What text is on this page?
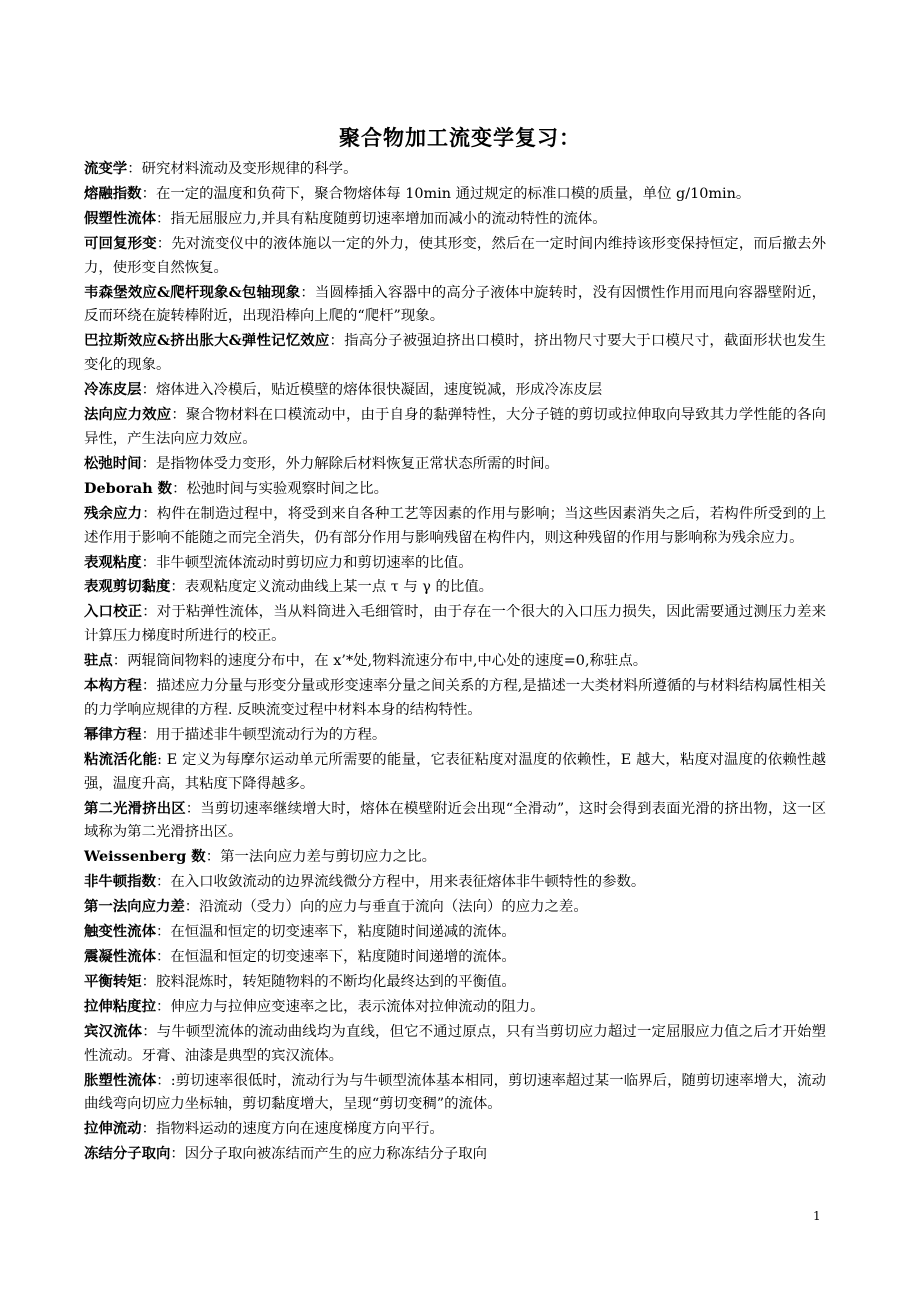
聚合物加工流变学复习：

流变学：研究材料流动及变形规律的科学。

熔融指数：在一定的温度和负荷下，聚合物熔体每 10min 通过规定的标准口模的质量，单位 g/10min。

假塑性流体：指无屈服应力,并具有粘度随剪切速率增加而减小的流动特性的流体。

可回复形变：先对流变仪中的液体施以一定的外力，使其形变，然后在一定时间内维持该形变保持恒定，而后撤去外力，使形变自然恢复。

韦森堡效应&爬杆现象&包轴现象：当圆棒插入容器中的高分子液体中旋转时，没有因惯性作用而甩向容器壁附近，反而环绕在旋转棒附近，出现沿棒向上爬的“爬杆”现象。

巴拉斯效应&挤出胀大&弹性记忆效应：指高分子被强迫挤出口模时，挤出物尺寸要大于口模尺寸，截面形状也发生变化的现象。

冷冻皮层：熔体进入冷模后，贴近模壁的熔体很快凝固，速度锐减，形成冷冻皮层

法向应力效应：聚合物材料在口模流动中，由于自身的黏弹特性，大分子链的剪切或拉伸取向导致其力学性能的各向异性，产生法向应力效应。

松弛时间：是指物体受力变形，外力解除后材料恢复正常状态所需的时间。

Deborah 数：松弛时间与实验观察时间之比。

残余应力：构件在制造过程中，将受到来自各种工艺等因素的作用与影响；当这些因素消失之后，若构件所受到的上述作用于影响不能随之而完全消失，仍有部分作用与影响残留在构件内，则这种残留的作用与影响称为残余应力。

表观粘度：非牛顿型流体流动时剪切应力和剪切速率的比值。

表观剪切黏度：表观粘度定义流动曲线上某一点 τ 与 γ 的比值。

入口校正：对于粘弹性流体，当从料筒进入毛细管时，由于存在一个很大的入口压力损失，因此需要通过测压力差来计算压力梯度时所进行的校正。

驻点：两辊筒间物料的速度分布中，在 x’*处,物料流速分布中,中心处的速度=0,称驻点。

本构方程：描述应力分量与形变分量或形变速率分量之间关系的方程,是描述一大类材料所遵循的与材料结构属性相关的力学响应规律的方程. 反映流变过程中材料本身的结构特性。

幂律方程：用于描述非牛顿型流动行为的方程。

粘流活化能: E 定义为每摩尔运动单元所需要的能量，它表征粘度对温度的依赖性，E 越大，粘度对温度的依赖性越强，温度升高，其粘度下降得越多。

第二光滑挤出区：当剪切速率继续增大时，熔体在模壁附近会出现“全滑动”，这时会得到表面光滑的挤出物，这一区域称为第二光滑挤出区。

Weissenberg 数：第一法向应力差与剪切应力之比。

非牛顿指数：在入口收敛流动的边界流线微分方程中，用来表征熔体非牛顿特性的参数。

第一法向应力差：沿流动（受力）向的应力与垂直于流向（法向）的应力之差。

触变性流体：在恒温和恒定的切变速率下，粘度随时间递减的流体。

震凝性流体：在恒温和恒定的切变速率下，粘度随时间递增的流体。

平衡转矩：胶料混炼时，转矩随物料的不断均化最终达到的平衡值。

拉伸粘度拉：伸应力与拉伸应变速率之比，表示流体对拉伸流动的阻力。

宾汉流体：与牛顿型流体的流动曲线均为直线，但它不通过原点，只有当剪切应力超过一定屈服应力值之后才开始塑性流动。牙膏、油漆是典型的宾汉流体。

胀塑性流体：:剪切速率很低时，流动行为与牛顿型流体基本相同，剪切速率超过某一临界后，随剪切速率增大，流动曲线弯向切应力坐标轴，剪切黏度增大，呈现“剪切变稠”的流体。

拉伸流动：指物料运动的速度方向在速度梯度方向平行。

冻结分子取向：因分子取向被冻结而产生的应力称冻结分子取向

1
